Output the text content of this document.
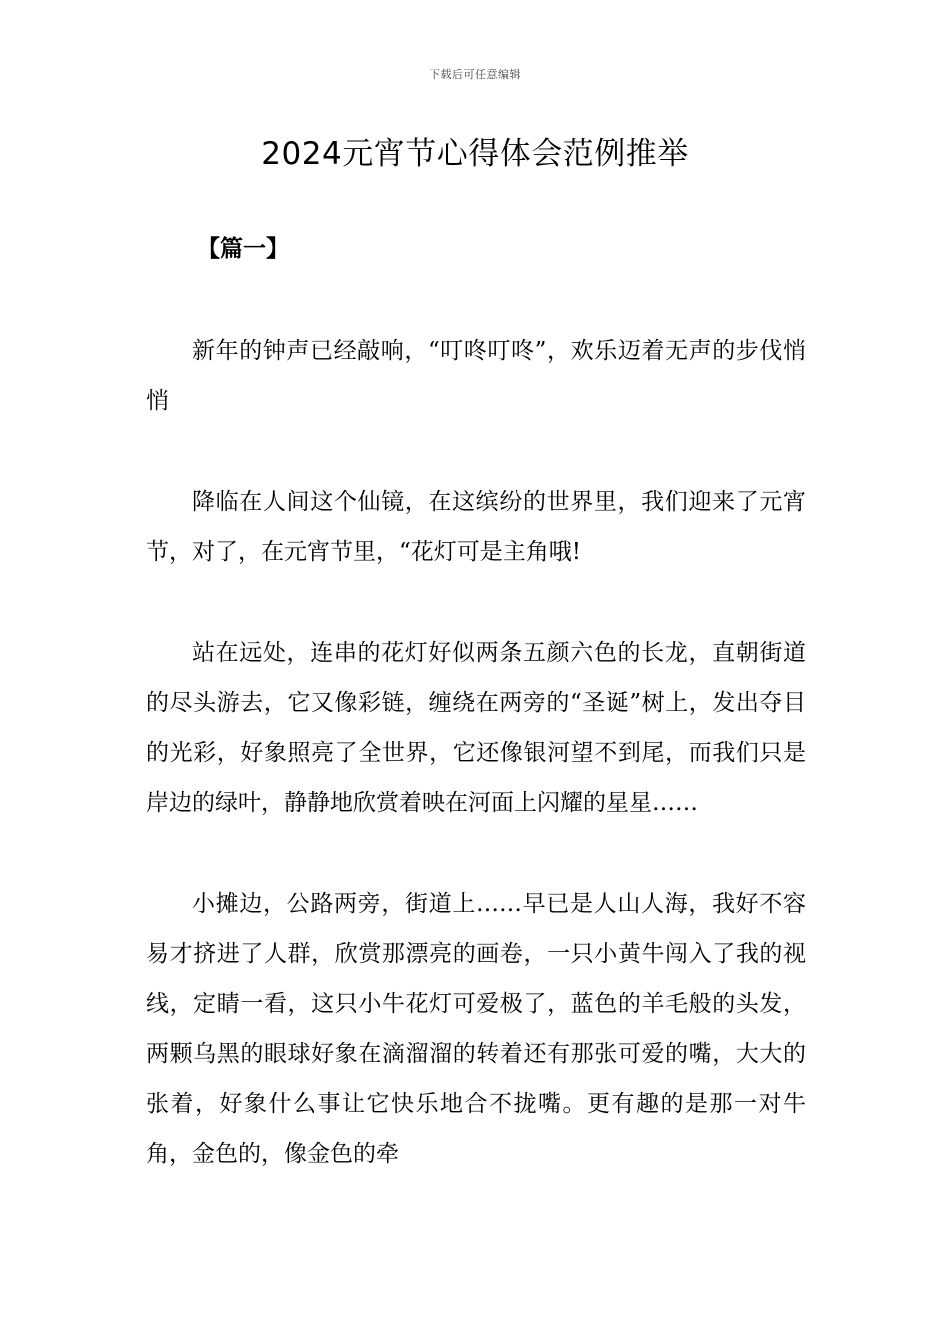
下载后可任意编辑
2024元宵节心得体会范例推举
【篇一】

新年的钟声已经敲响，“叮咚叮咚”，欢乐迈着无声的步伐悄悄

降临在人间这个仙镜，在这缤纷的世界里，我们迎来了元宵节，对了，在元宵节里，“花灯可是主角哦!

站在远处，连串的花灯好似两条五颜六色的长龙，直朝街道的尽头游去，它又像彩链，缠绕在两旁的“圣诞”树上，发出夺目的光彩，好象照亮了全世界，它还像银河望不到尾，而我们只是岸边的绿叶，静静地欣赏着映在河面上闪耀的星星……

小摊边，公路两旁，街道上……早已是人山人海，我好不容易才挤进了人群，欣赏那漂亮的画卷，一只小黄牛闯入了我的视线，定睛一看，这只小牛花灯可爱极了，蓝色的羊毛般的头发，两颗乌黑的眼球好象在滴溜溜的转着还有那张可爱的嘴，大大的张着，好象什么事让它快乐地合不拢嘴。更有趣的是那一对牛角，金色的，像金色的牵
